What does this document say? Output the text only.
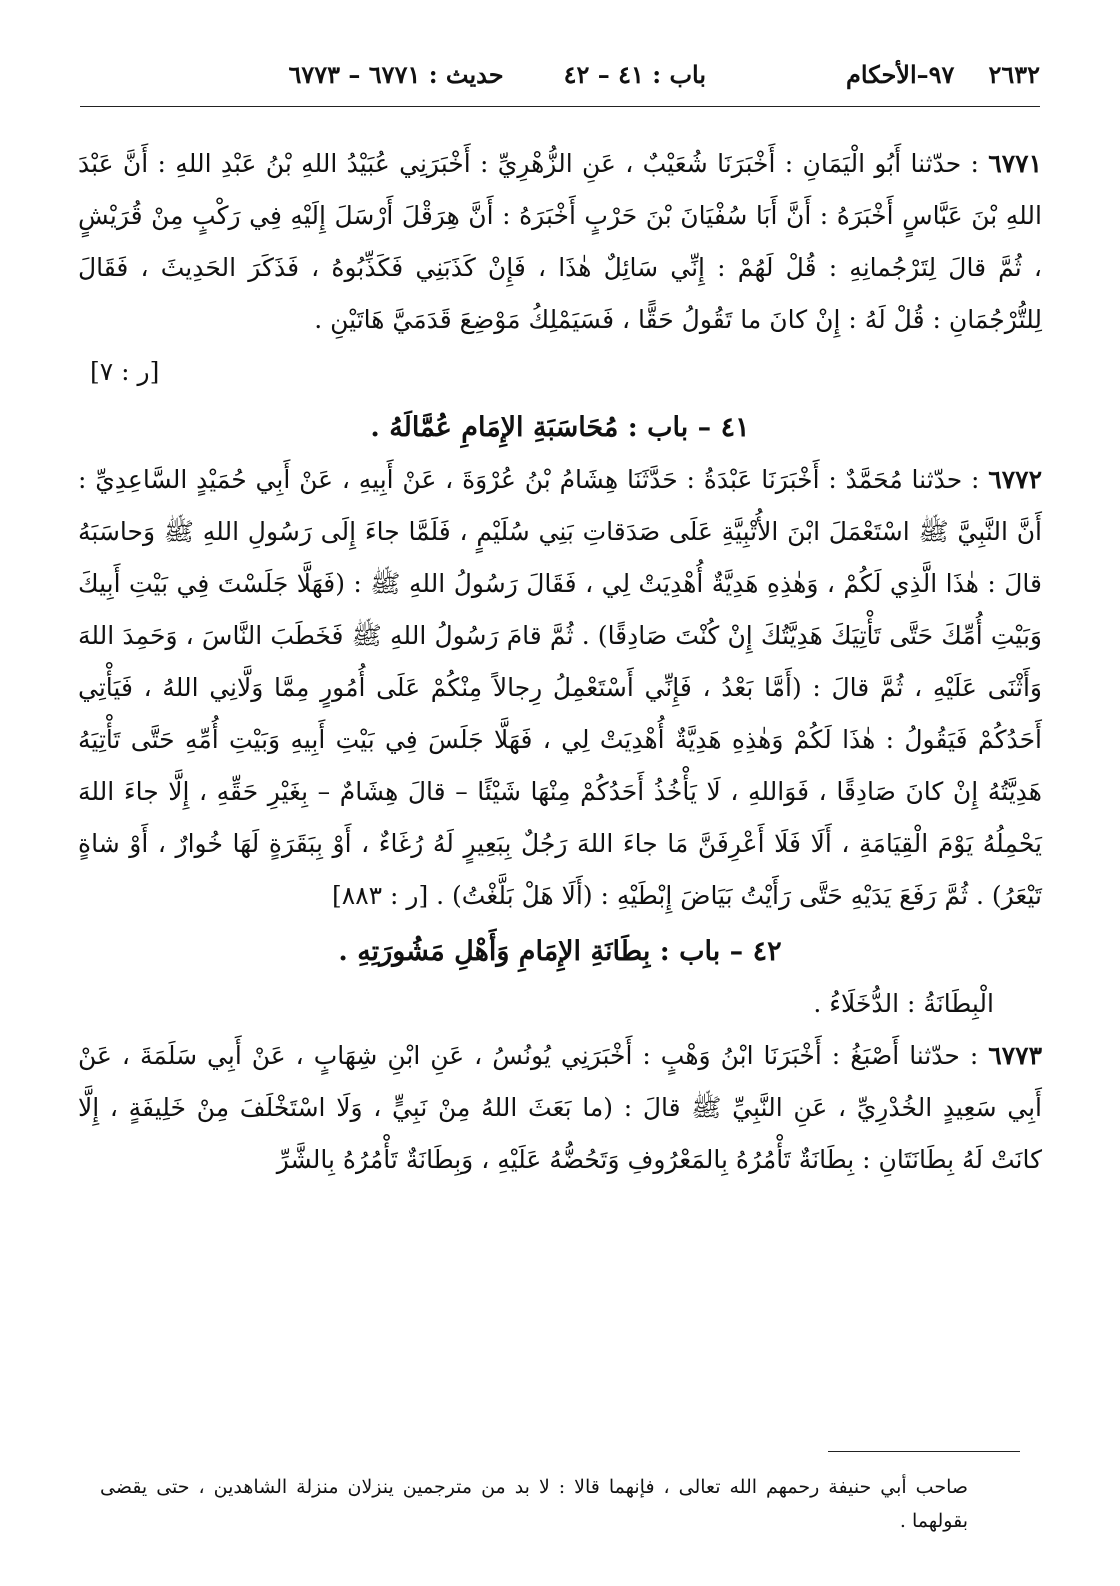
٢٦٣٢
٩٧–الأحكام
باب : ٤١ – ٤٢
حديث : ٦٧٧١ – ٦٧٧٣

٦٧٧١ : حدّثنا أَبُو الْيَمَانِ : أَخْبَرَنَا شُعَيْبٌ ، عَنِ الزُّهْرِيِّ : أَخْبَرَنِي عُبَيْدُ اللهِ بْنُ عَبْدِ اللهِ : أَنَّ عَبْدَ اللهِ بْنَ عَبَّاسٍ أَخْبَرَهُ : أَنَّ أَبَا سُفْيَانَ بْنَ حَرْبٍ أَخْبَرَهُ : أَنَّ هِرَقْلَ أَرْسَلَ إِلَيْهِ فِي رَكْبٍ مِنْ قُرَيْشٍ ، ثُمَّ قالَ لِتَرْجُمانِهِ : قُلْ لَهُمْ : إِنِّي سَائِلٌ هٰذَا ، فَإِنْ كَذَبَنِي فَكَذِّبُوهُ ، فَذَكَرَ الحَدِيثَ ، فَقَالَ لِلتُّرْجُمَانِ : قُلْ لَهُ : إِنْ كانَ ما تَقُولُ حَقًّا ، فَسَيَمْلِكُ مَوْضِعَ قَدَمَيَّ هَاتَيْنِ .

[ر : ٧]

٤١ – باب : مُحَاسَبَةِ الإِمَامِ عُمَّالَهُ .

٦٧٧٢ : حدّثنا مُحَمَّدٌ : أَخْبَرَنَا عَبْدَةُ : حَدَّثَنَا هِشَامُ بْنُ عُرْوَةَ ، عَنْ أَبِيهِ ، عَنْ أَبِي حُمَيْدٍ السَّاعِدِيِّ : أَنَّ النَّبِيَّ ﷺ اسْتَعْمَلَ ابْنَ الأُتْبِيَّةِ عَلَى صَدَقاتِ بَنِي سُلَيْمٍ ، فَلَمَّا جاءَ إِلَى رَسُولِ اللهِ ﷺ وَحاسَبَهُ قالَ : هٰذَا الَّذِي لَكُمْ ، وَهٰذِهِ هَدِيَّةٌ أُهْدِيَتْ لِي ، فَقَالَ رَسُولُ اللهِ ﷺ : (فَهَلَّا جَلَسْتَ فِي بَيْتِ أَبِيكَ وَبَيْتِ أُمِّكَ حَتَّى تَأْتِيَكَ هَدِيَّتُكَ إِنْ كُنْتَ صَادِقًا) . ثُمَّ قامَ رَسُولُ اللهِ ﷺ فَخَطَبَ النَّاسَ ، وَحَمِدَ اللهَ وَأَثْنَى عَلَيْهِ ، ثُمَّ قالَ : (أَمَّا بَعْدُ ، فَإِنِّي أَسْتَعْمِلُ رِجالاً مِنْكُمْ عَلَى أُمُورٍ مِمَّا وَلَّانِي اللهُ ، فَيَأْتِي أَحَدُكُمْ فَيَقُولُ : هٰذَا لَكُمْ وَهٰذِهِ هَدِيَّةٌ أُهْدِيَتْ لِي ، فَهَلَّا جَلَسَ فِي بَيْتِ أَبِيهِ وَبَيْتِ أُمِّهِ حَتَّى تَأْتِيَهُ هَدِيَّتُهُ إِنْ كانَ صَادِقًا ، فَوَاللهِ ، لَا يَأْخُذُ أَحَدُكُمْ مِنْهَا شَيْئًا – قالَ هِشَامٌ – بِغَيْرِ حَقِّهِ ، إِلَّا جاءَ اللهَ يَحْمِلُهُ يَوْمَ الْقِيَامَةِ ، أَلَا فَلَا أَعْرِفَنَّ مَا جاءَ اللهَ رَجُلٌ بِبَعِيرٍ لَهُ رُغَاءٌ ، أَوْ بِبَقَرَةٍ لَهَا خُوارٌ ، أَوْ شاةٍ تَيْعَرُ) . ثُمَّ رَفَعَ يَدَيْهِ حَتَّى رَأَيْتُ بَيَاضَ إِبْطَيْهِ : (أَلَا هَلْ بَلَّغْتُ) . [ر : ٨٨٣]

٤٢ – باب : بِطَانَةِ الإِمَامِ وَأَهْلِ مَشُورَتِهِ .

الْبِطَانَةُ : الدُّخَلَاءُ .

٦٧٧٣ : حدّثنا أَصْبَغُ : أَخْبَرَنَا ابْنُ وَهْبٍ : أَخْبَرَنِي يُونُسُ ، عَنِ ابْنِ شِهَابٍ ، عَنْ أَبِي سَلَمَةَ ، عَنْ أَبِي سَعِيدٍ الخُدْرِيِّ ، عَنِ النَّبِيِّ ﷺ قالَ : (ما بَعَثَ اللهُ مِنْ نَبِيٍّ ، وَلَا اسْتَخْلَفَ مِنْ خَلِيفَةٍ ، إِلَّا كانَتْ لَهُ بِطَانَتَانِ : بِطَانَةٌ تَأْمُرُهُ بِالمَعْرُوفِ وَتَحُضُّهُ عَلَيْهِ ، وَبِطَانَةٌ تَأْمُرُهُ بِالشَّرِّ

صاحب أبي حنيفة رحمهم الله تعالى ، فإنهما قالا : لا بد من مترجمين ينزلان منزلة الشاهدين ، حتى يقضى بقولهما .
